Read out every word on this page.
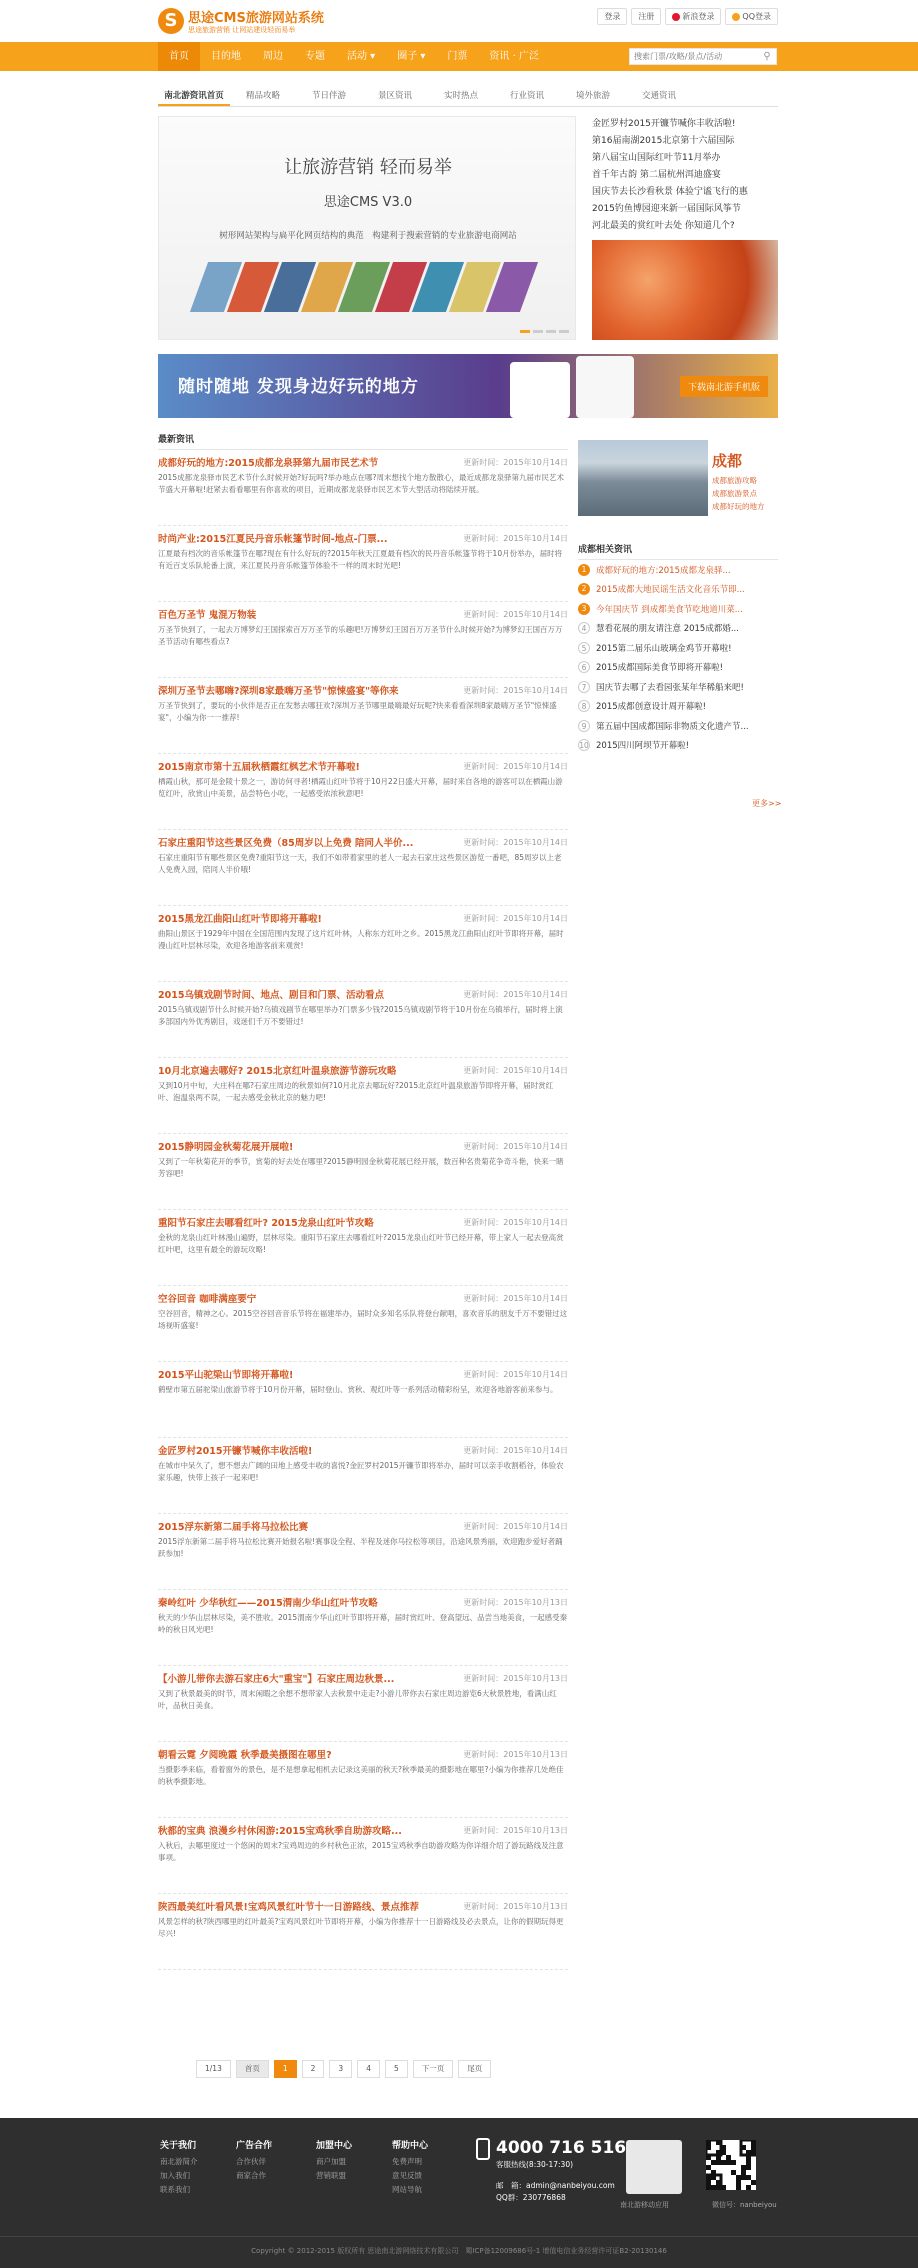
S 思途CMS旅游网站系统
思途旅游营销 让网站建设轻而易举
登录 注册	新浪登录	QQ登录
首页	目的地	周边	专题	活动 ▾	圈子 ▾	门票	资讯 · 广泛
搜索门票/攻略/景点/活动	⚲
南北游资讯首页	精品攻略	节日伴游	景区资讯	实时热点	行业资讯	境外旅游	交通资讯
让旅游营销 轻而易举
思途CMS V3.0
树形网站架构与扁平化网页结构的典范　构建利于搜索营销的专业旅游电商网站
金匠罗村2015开镰节喊你丰收活啦!
第16届南湖2015北京第十六届国际
第八届宝山国际红叶节11月举办
首千年古韵 第二届杭州洱迪盛宴
国庆节去长沙看秋景 体验宁谧飞行的惠
2015钓鱼博园迎来新一届国际风筝节
河北最美的赏红叶去处 你知道几个?
随时随地 发现身边好玩的地方	下载南北游手机版
最新资讯
成都好玩的地方:2015成都龙泉驿第九届市民艺术节	更新时间：2015年10月14日
2015成都龙泉驿市民艺术节什么时候开始?好玩吗?举办地点在哪?周末想找个地方散散心，最近成都龙泉驿第九届市民艺术节盛大开幕啦!赶紧去看看哪里有你喜欢的项目，近期成都龙泉驿市民艺术节大型活动将陆续开展。
时尚产业:2015江夏民丹音乐帐篷节时间-地点-门票...	更新时间：2015年10月14日
江夏最有档次的音乐帐篷节在哪?现在有什么好玩的?2015年秋天江夏最有档次的民丹音乐帐篷节将于10月份举办，届时将有近百支乐队轮番上演，来江夏民丹音乐帐篷节体验不一样的周末时光吧!
百色万圣节 鬼混万物装	更新时间：2015年10月14日
万圣节快到了，一起去万博梦幻王国探索百万万圣节的乐趣吧!万博梦幻王国百万万圣节什么时候开始?为博梦幻王国百万万圣节活动有哪些看点?
深圳万圣节去哪嗨?深圳8家最嗨万圣节"惊悚盛宴"等你来	更新时间：2015年10月14日
万圣节快到了，要玩的小伙伴是否正在发愁去哪狂欢?深圳万圣节哪里最嗨最好玩呢?快来看看深圳8家最嗨万圣节"惊悚盛宴"，小编为你一一推荐!
2015南京市第十五届秋栖霞红枫艺术节开幕啦!	更新时间：2015年10月14日
栖霞山秋，那可是金陵十景之一，游访何寻者!栖霞山红叶节将于10月22日盛大开幕，届时来自各地的游客可以在栖霞山游览红叶，欣赏山中美景，品尝特色小吃，一起感受浓浓秋意吧!
石家庄重阳节这些景区免费（85周岁以上免费 陪同人半价...	更新时间：2015年10月14日
石家庄重阳节有哪些景区免费?重阳节这一天，我们不如带着家里的老人一起去石家庄这些景区游览一番吧，85周岁以上老人免费入园，陪同人半价哦!
2015黑龙江曲阳山红叶节即将开幕啦!	更新时间：2015年10月14日
曲阳山景区于1929年中国在全国范围内发现了这片红叶林，人称东方红叶之乡。2015黑龙江曲阳山红叶节即将开幕，届时漫山红叶层林尽染，欢迎各地游客前来观赏!
2015乌镇戏剧节时间、地点、剧目和门票、活动看点	更新时间：2015年10月14日
2015乌镇戏剧节什么时候开始?乌镇戏剧节在哪里举办?门票多少钱?2015乌镇戏剧节将于10月份在乌镇举行，届时将上演多部国内外优秀剧目，戏迷们千万不要错过!
10月北京遍去哪好? 2015北京红叶温泉旅游节游玩攻略	更新时间：2015年10月14日
又到10月中旬，大庄科在哪?石家庄周边的秋景如何?10月北京去哪玩好?2015北京红叶温泉旅游节即将开幕，届时赏红叶、泡温泉两不误，一起去感受金秋北京的魅力吧!
2015静明园金秋菊花展开展啦!	更新时间：2015年10月14日
又到了一年秋菊花开的季节，赏菊的好去处在哪里?2015静明园金秋菊花展已经开展，数百种名贵菊花争奇斗艳，快来一睹芳容吧!
重阳节石家庄去哪看红叶? 2015龙泉山红叶节攻略	更新时间：2015年10月14日
金秋的龙泉山红叶林漫山遍野，层林尽染。重阳节石家庄去哪看红叶?2015龙泉山红叶节已经开幕，带上家人一起去登高赏红叶吧，这里有最全的游玩攻略!
空谷回音 咖啡满座要宁	更新时间：2015年10月14日
空谷回音，精神之心。2015空谷回音音乐节将在福建举办，届时众多知名乐队将登台献唱，喜欢音乐的朋友千万不要错过这场视听盛宴!
2015平山驼梁山节即将开幕啦!	更新时间：2015年10月14日
鹤壁市第五届驼梁山旅游节将于10月份开幕，届时登山、赏秋、观红叶等一系列活动精彩纷呈，欢迎各地游客前来参与。
金匠罗村2015开镰节喊你丰收活啦!	更新时间：2015年10月14日
在城市中呆久了，想不想去广阔的田地上感受丰收的喜悦?金匠罗村2015开镰节即将举办，届时可以亲手收割稻谷，体验农家乐趣，快带上孩子一起来吧!
2015浮东新第二届手将马拉松比赛	更新时间：2015年10月14日
2015浮东新第二届手将马拉松比赛开始报名啦!赛事设全程、半程及迷你马拉松等项目，沿途风景秀丽，欢迎跑步爱好者踊跃参加!
秦岭红叶 少华秋红——2015渭南少华山红叶节攻略	更新时间：2015年10月13日
秋天的少华山层林尽染，美不胜收。2015渭南少华山红叶节即将开幕，届时赏红叶、登高望远、品尝当地美食，一起感受秦岭的秋日风光吧!
【小游儿带你去游石家庄6大"重宝"】石家庄周边秋景...	更新时间：2015年10月13日
又到了秋景最美的时节，周末闲暇之余想不想带家人去秋景中走走?小游儿带你去石家庄周边游览6大秋景胜地，看满山红叶，品秋日美食。
朝看云霓 夕阅晚霞 秋季最美摄图在哪里?	更新时间：2015年10月13日
当摄影季来临，看着窗外的景色，是不是想拿起相机去记录这美丽的秋天?秋季最美的摄影地在哪里?小编为你推荐几处绝佳的秋季摄影地。
秋都的宝典 浪漫乡村休闲游:2015宝鸡秋季自助游攻略...	更新时间：2015年10月13日
入秋后，去哪里度过一个悠闲的周末?宝鸡周边的乡村秋色正浓，2015宝鸡秋季自助游攻略为你详细介绍了游玩路线及注意事项。
陕西最美红叶看风景!宝鸡风景红叶节十一日游路线、景点推荐	更新时间：2015年10月13日
风景怎样的秋?陕西哪里的红叶最美?宝鸡风景红叶节即将开幕，小编为你推荐十一日游路线及必去景点，让你的假期玩得更尽兴!
成都
成都旅游攻略
成都旅游景点
成都好玩的地方
成都相关资讯
1	成都好玩的地方:2015成都龙泉驿...
2	2015成都大地民谣生活文化音乐节即...
3	今年国庆节 到成都美食节吃地道川菜...
4	慧看花展的朋友请注意 2015成都婚...
5	2015第二届乐山玻璃金鸡节开幕啦!
6	2015成都国际美食节即将开幕啦!
7	国庆节去哪了去看园张某年华稀船来吧!
8	2015成都创意设计周开幕啦!
9	第五届中国成都国际非物质文化遗产节...
10 2015四川阿坝节开幕啦!
更多>>
1/13	首页	1	2	3	4	5	下一页	尾页
关于我们
南北游简介
加入我们
联系我们
广告合作
合作伙伴
商家合作
加盟中心
商户加盟
营销联盟
帮助中心
免费声明
意见反馈
网站导航
4000 716 516
客服热线(8:30-17:30)
邮　箱：admin@nanbeiyou.com
QQ群：230776868
南北游移动应用	微信号：nanbeiyou
Copyright © 2012-2015 版权所有 思途南北游网络技术有限公司　蜀ICP备12009686号-1 增值电信业务经营许可证B2-20130146
